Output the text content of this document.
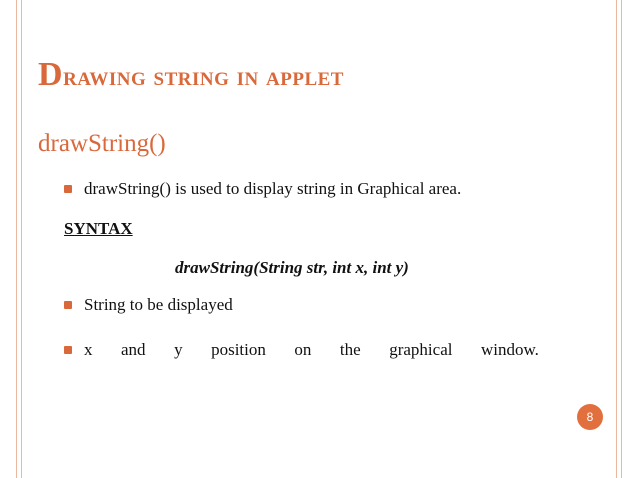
Drawing string in applet
drawString()
drawString() is used to display string in Graphical area.
SYNTAX
drawString(String str, int x, int y)
String to be displayed
x and y position on the graphical window.
8
